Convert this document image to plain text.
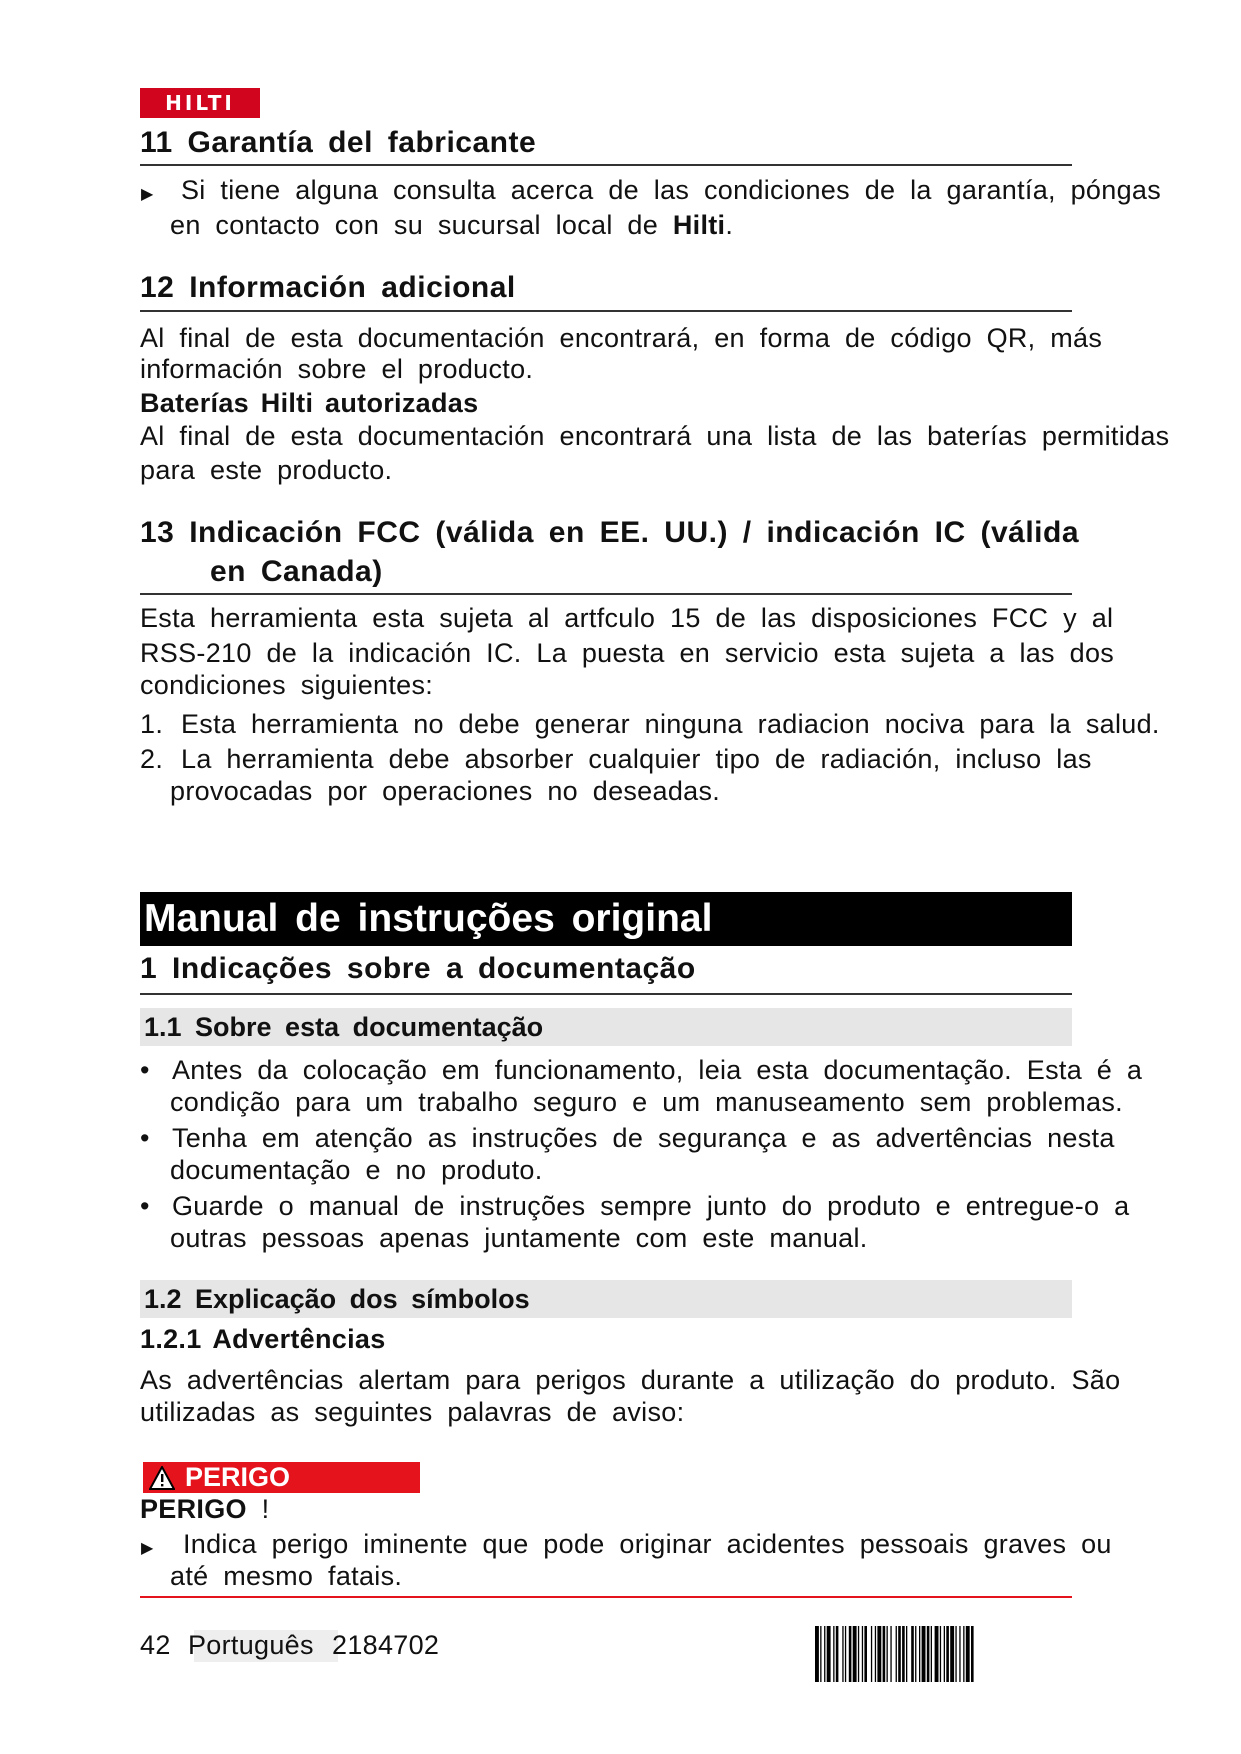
HILTI
11 Garantía del fabricante
▶ Si tiene alguna consulta acerca de las condiciones de la garantía, póngas
en contacto con su sucursal local de Hilti.
12 Información adicional
Al final de esta documentación encontrará, en forma de código QR, más
información sobre el producto.
Baterías Hilti autorizadas
Al final de esta documentación encontrará una lista de las baterías permitidas
para este producto.
13 Indicación FCC (válida en EE. UU.) / indicación IC (válida
en Canada)
Esta herramienta esta sujeta al artfculo 15 de las disposiciones FCC y al
RSS-210 de la indicación IC. La puesta en servicio esta sujeta a las dos
condiciones siguientes:
1. Esta herramienta no debe generar ninguna radiacion nociva para la salud.
2. La herramienta debe absorber cualquier tipo de radiación, incluso las
provocadas por operaciones no deseadas.
Manual de instruções original
1 Indicações sobre a documentação
1.1 Sobre esta documentação
• Antes da colocação em funcionamento, leia esta documentação. Esta é a
condição para um trabalho seguro e um manuseamento sem problemas.
• Tenha em atenção as instruções de segurança e as advertências nesta
documentação e no produto.
• Guarde o manual de instruções sempre junto do produto e entregue-o a
outras pessoas apenas juntamente com este manual.
1.2 Explicação dos símbolos
1.2.1 Advertências
As advertências alertam para perigos durante a utilização do produto. São
utilizadas as seguintes palavras de aviso:
PERIGO
PERIGO !
▶ Indica perigo iminente que pode originar acidentes pessoais graves ou
até mesmo fatais.
42 Português 2184702
